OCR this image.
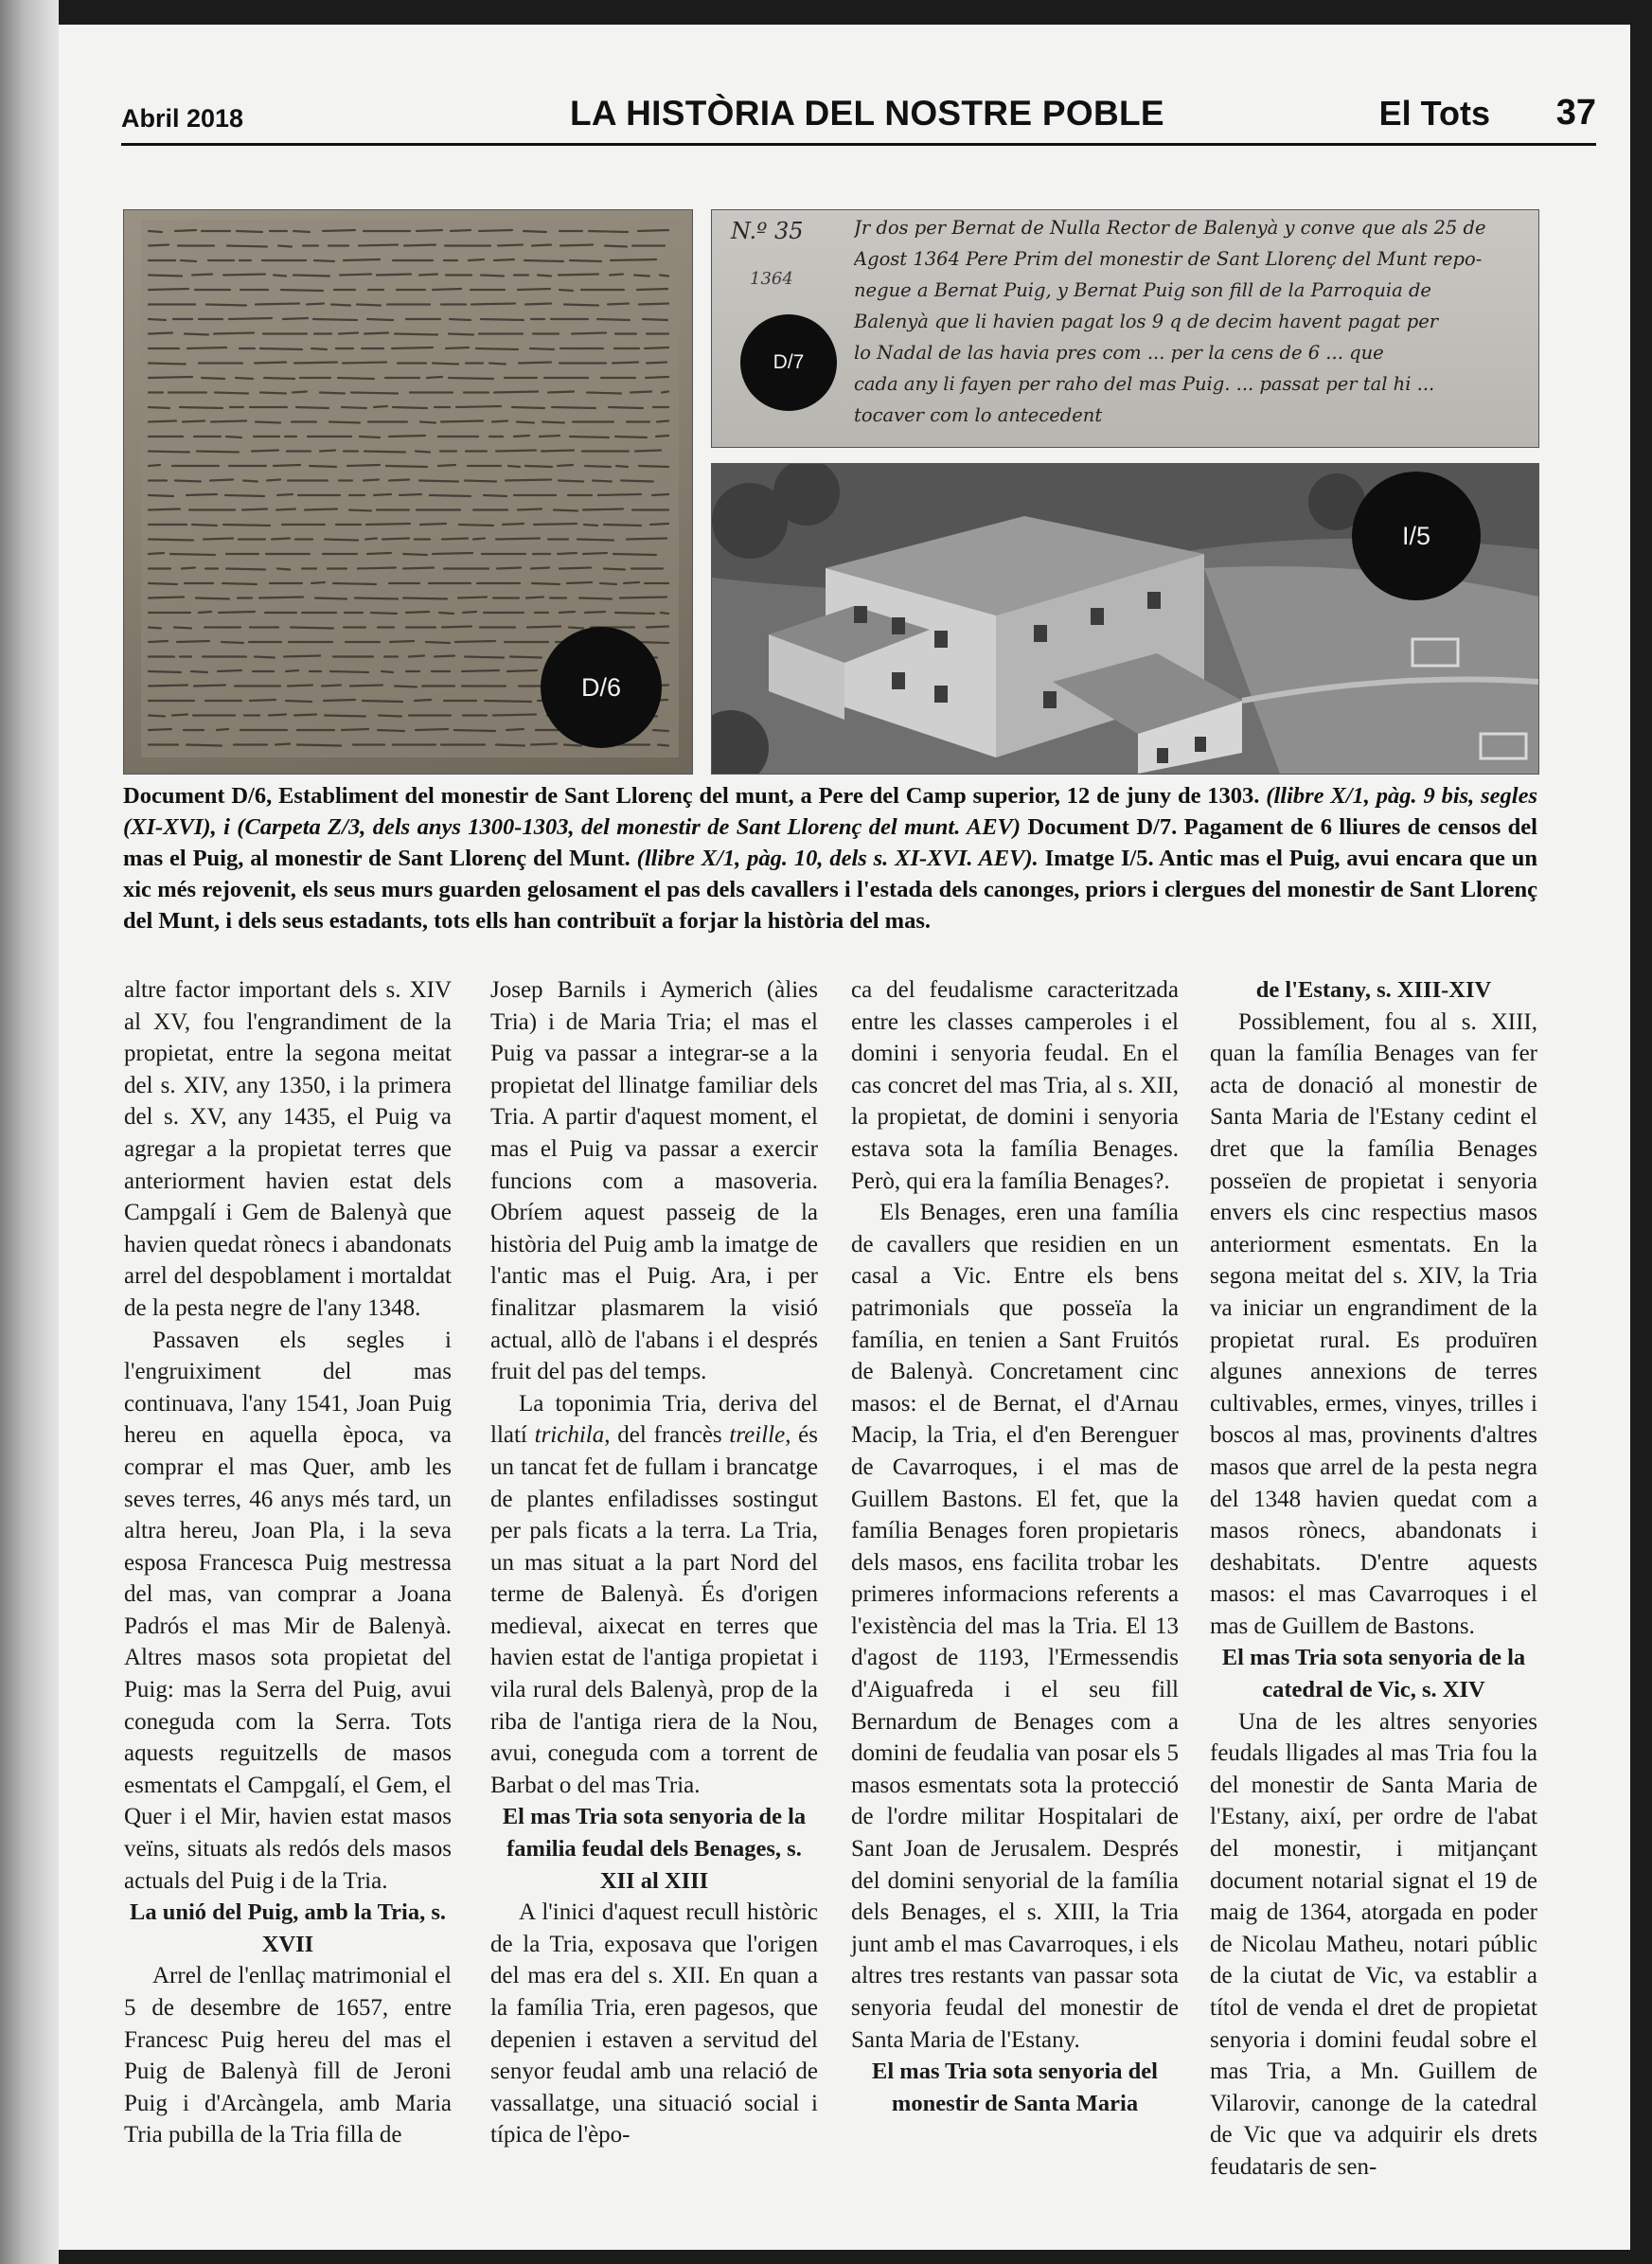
Abril 2018	LA HISTÒRIA DEL NOSTRE POBLE	El Tots 37
D/6
N.º 35
1364
Jr dos per Bernat de Nulla Rector de Balenyà y conve que als 25 de
Agost 1364 Pere Prim del monestir de Sant Llorenç del Munt repo-
negue a Bernat Puig, y Bernat Puig son fill de la Parroquia de
Balenyà que li havien pagat los 9 q de decim havent pagat per
lo Nadal de las havia pres com ... per la cens de 6 ... que
cada any li fayen per raho del mas Puig. ... passat per tal hi ...
tocaver com lo antecedent
D/7
I/5
Document D/6, Establiment del monestir de Sant Llorenç del munt, a Pere del Camp superior, 12 de juny de 1303. (llibre X/1, pàg. 9 bis, segles (XI-XVI), i (Carpeta Z/3, dels anys 1300-1303, del monestir de Sant Llorenç del munt. AEV) Document D/7. Pagament de 6 lliures de censos del mas el Puig, al monestir de Sant Llorenç del Munt. (llibre X/1, pàg. 10, dels s. XI-XVI. AEV). Imatge I/5. Antic mas el Puig, avui encara que un xic més rejovenit, els seus murs guarden gelosament el pas dels cavallers i l'estada dels canonges, priors i clergues del monestir de Sant Llorenç del Munt, i dels seus estadants, tots ells han contribuït a forjar la història del mas.

altre factor important dels s. XIV al XV, fou l'engrandiment de la propietat, entre la segona meitat del s. XIV, any 1350, i la primera del s. XV, any 1435, el Puig va agregar a la propietat terres que anteriorment havien estat dels Campgalí i Gem de Balenyà que havien quedat rònecs i abandonats arrel del despoblament i mortaldat de la pesta negre de l'any 1348.

Passaven els segles i l'engruiximent del mas continuava, l'any 1541, Joan Puig hereu en aquella època, va comprar el mas Quer, amb les seves terres, 46 anys més tard, un altra hereu, Joan Pla, i la seva esposa Francesca Puig mestressa del mas, van comprar a Joana Padrós el mas Mir de Balenyà. Altres masos sota propietat del Puig: mas la Serra del Puig, avui coneguda com la Serra. Tots aquests reguitzells de masos esmentats el Campgalí, el Gem, el Quer i el Mir, havien estat masos veïns, situats als redós dels masos actuals del Puig i de la Tria.

La unió del Puig, amb la Tria, s. XVII

Arrel de l'enllaç matrimonial el 5 de desembre de 1657, entre Francesc Puig hereu del mas el Puig de Balenyà fill de Jeroni Puig i d'Arcàngela, amb Maria Tria pubilla de la Tria filla de

Josep Barnils i Aymerich (àlies Tria) i de Maria Tria; el mas el Puig va passar a integrar-se a la propietat del llinatge familiar dels Tria. A partir d'aquest moment, el mas el Puig va passar a exercir funcions com a masoveria. Obríem aquest passeig de la història del Puig amb la imatge de l'antic mas el Puig. Ara, i per finalitzar plasmarem la visió actual, allò de l'abans i el després fruit del pas del temps.

La toponimia Tria, deriva del llatí trichila, del francès treille, és un tancat fet de fullam i brancatge de plantes enfiladisses sostingut per pals ficats a la terra. La Tria, un mas situat a la part Nord del terme de Balenyà. És d'origen medieval, aixecat en terres que havien estat de l'antiga propietat i vila rural dels Balenyà, prop de la riba de l'antiga riera de la Nou, avui, coneguda com a torrent de Barbat o del mas Tria.

El mas Tria sota senyoria de la familia feudal dels Benages, s. XII al XIII

A l'inici d'aquest recull històric de la Tria, exposava que l'origen del mas era del s. XII. En quan a la família Tria, eren pagesos, que depenien i estaven a servitud del senyor feudal amb una relació de vassallatge, una situació social i típica de l'èpo-

ca del feudalisme caracteritzada entre les classes camperoles i el domini i senyoria feudal. En el cas concret del mas Tria, al s. XII, la propietat, de domini i senyoria estava sota la família Benages. Però, qui era la família Benages?.

Els Benages, eren una família de cavallers que residien en un casal a Vic. Entre els bens patrimonials que posseïa la família, en tenien a Sant Fruitós de Balenyà. Concretament cinc masos: el de Bernat, el d'Arnau Macip, la Tria, el d'en Berenguer de Cavarroques, i el mas de Guillem Bastons. El fet, que la família Benages foren propietaris dels masos, ens facilita trobar les primeres informacions referents a l'existència del mas la Tria. El 13 d'agost de 1193, l'Ermessendis d'Aiguafreda i el seu fill Bernardum de Benages com a domini de feudalia van posar els 5 masos esmentats sota la protecció de l'ordre militar Hospitalari de Sant Joan de Jerusalem. Després del domini senyorial de la família dels Benages, el s. XIII, la Tria junt amb el mas Cavarroques, i els altres tres restants van passar sota senyoria feudal del monestir de Santa Maria de l'Estany.

El mas Tria sota senyoria del monestir de Santa Maria
de l'Estany, s. XIII-XIV

Possiblement, fou al s. XIII, quan la família Benages van fer acta de donació al monestir de Santa Maria de l'Estany cedint el dret que la família Benages posseïen de propietat i senyoria envers els cinc respectius masos anteriorment esmentats. En la segona meitat del s. XIV, la Tria va iniciar un engrandiment de la propietat rural. Es produïren algunes annexions de terres cultivables, ermes, vinyes, trilles i boscos al mas, provinents d'altres masos que arrel de la pesta negra del 1348 havien quedat com a masos rònecs, abandonats i deshabitats. D'entre aquests masos: el mas Cavarroques i el mas de Guillem de Bastons.

El mas Tria sota senyoria de la catedral de Vic, s. XIV

Una de les altres senyories feudals lligades al mas Tria fou la del monestir de Santa Maria de l'Estany, així, per ordre de l'abat del monestir, i mitjançant document notarial signat el 19 de maig de 1364, atorgada en poder de Nicolau Matheu, notari públic de la ciutat de Vic, va establir a títol de venda el dret de propietat senyoria i domini feudal sobre el mas Tria, a Mn. Guillem de Vilarovir, canonge de la catedral de Vic que va adquirir els drets feudataris de sen-
